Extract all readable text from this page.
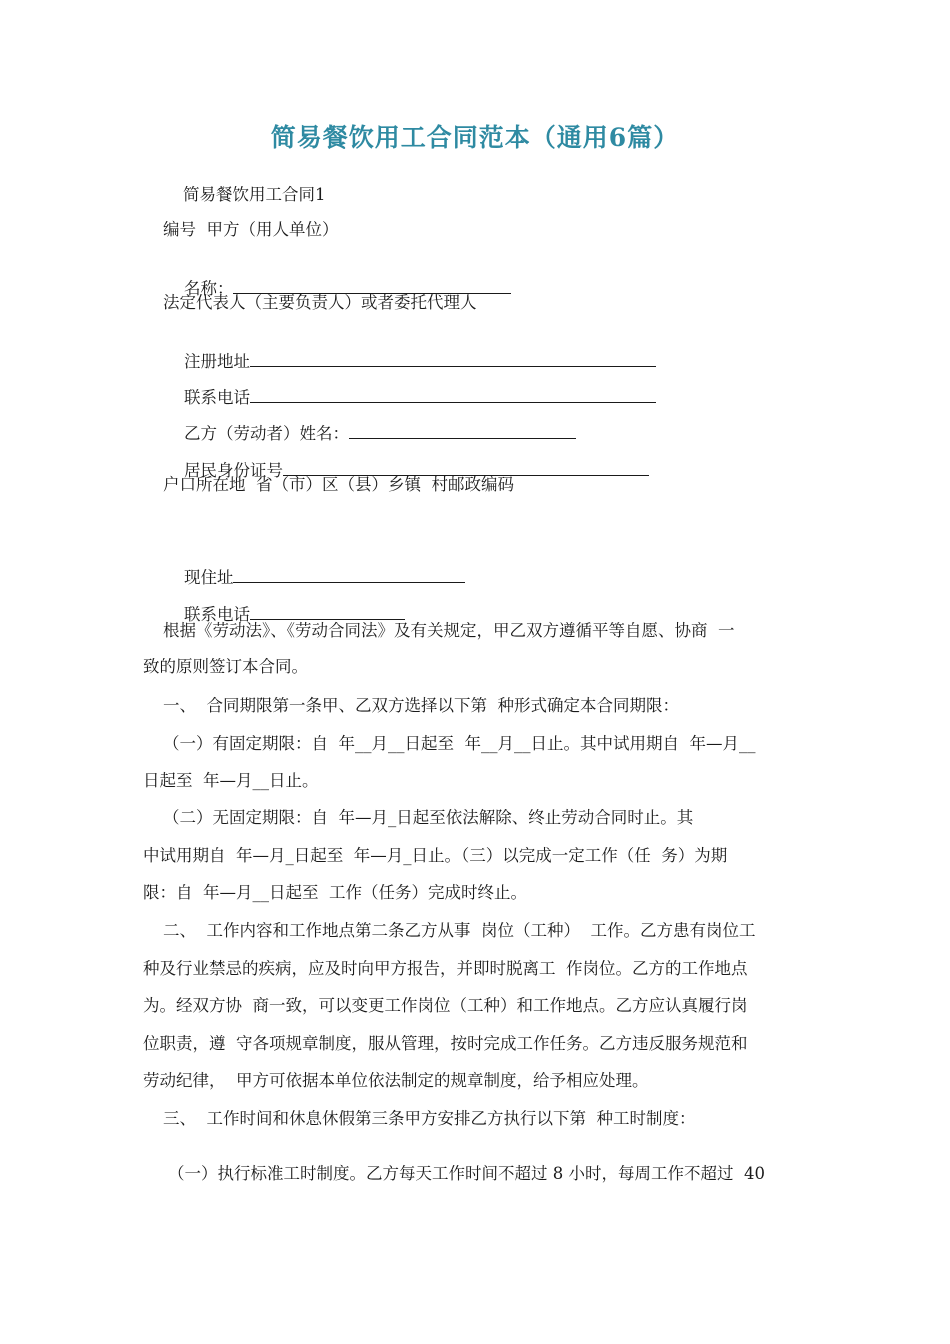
简易餐饮用工合同范本（通用6篇）
简易餐饮用工合同1
编号  甲方（用人单位）

名称：

法定代表人（主要负责人）或者委托代理人

注册地址

联系电话

乙方（劳动者）姓名：

居民身份证号

户口所在地  省（市）区（县）乡镇  村邮政编码

现住址

联系电话

根据《劳动法》、《劳动合同法》及有关规定，甲乙双方遵循平等自愿、协商  一
致的原则签订本合同。
一、  合同期限第一条甲、乙双方选择以下第  种形式确定本合同期限：
（一）有固定期限：自  年__月__日起至  年__月__日止。其中试用期自  年—月__
日起至  年—月__日止。
（二）无固定期限：自  年—月_日起至依法解除、终止劳动合同时止。其
中试用期自  年—月_日起至  年—月_日止。（三）以完成一定工作（任  务）为期
限：自  年—月__日起至  工作（任务）完成时终止。
二、  工作内容和工作地点第二条乙方从事  岗位（工种）  工作。乙方患有岗位工
种及行业禁忌的疾病，应及时向甲方报告，并即时脱离工  作岗位。乙方的工作地点
为。经双方协  商一致，可以变更工作岗位（工种）和工作地点。乙方应认真履行岗
位职责，遵  守各项规章制度，服从管理，按时完成工作任务。乙方违反服务规范和
劳动纪律，  甲方可依据本单位依法制定的规章制度，给予相应处理。
三、  工作时间和休息休假第三条甲方安排乙方执行以下第  种工时制度：
（一）执行标准工时制度。乙方每天工作时间不超过 8 小时，每周工作不超过  40
